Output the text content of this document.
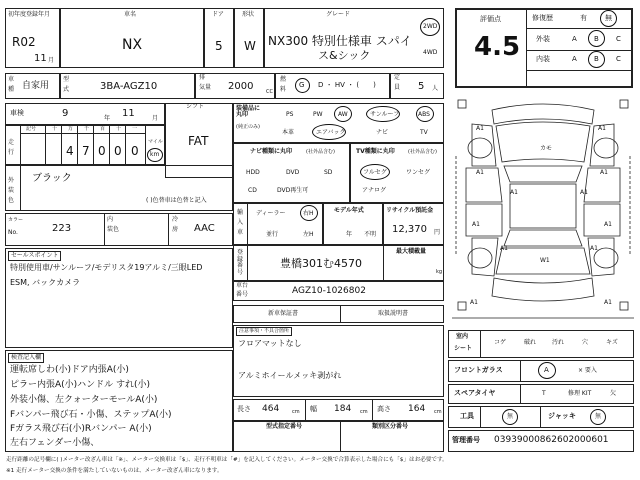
初年度登録年月
R02
11 月
車名
NX
ドア
5
形状
W
グレード
NX300 特別仕様車 スパイ
ス&シック
2WD
4WD
評価点
4.5
修復歴	有	無
外装	A B C
内装	A B C
車
種 自家用
型
式	3BA-AGZ10
排
気量 2000	CC
燃
料
G D ・ HV ・ (　　)
定
員 5 人
車検	9	年 11	月
シフト
FAT
走
行
記号	十 万 千 百 十 一
4 7 0 0 0
マイル
km
外
装
色
ブラック
( )色替車は色替と記入
カラー
No.	223
内
装色
冷
房 AAC
セールスポイント
特別使用車/サンルーフ/モデリスタ19アルミ/三眼LED
ESM, バックカメラ
検査記入欄
運転席しわ(小)ドア内張A(小)
ピラー内張A(小)ハンドル すれ(小)
外装小傷、左クォーターモールA(小)
Fバンパー飛び石・小傷、ステップA(小)
Fガラス飛び石(小)Rバンパー A(小)
左右フェンダー小傷、
装備品に
丸印
(純正のみ)
PS	PW	AW	サンルーフ	ABS
本革	エアバック	ナビ	TV
ナビ種類に丸印	(社外品含む)
HDD	DVD	SD
CD	DVD再生可
TV種類に丸印	(社外品含む)
フルセグ	ワンセグ
アナログ
輸
入
車
ディーラー	右H
並行	左H
モデル年式
年 不明
リサイクル預託金
12,370 円
登録番号
豊橋301む4570
最大積載量
kg
車台
番号	AGZ10-1026802
新車保証書	取扱説明書
注意事項・不具合箇所
フロアマットなし
アルミホイールメッキ剥がれ
長さ 464	cm 幅 184 cm 高さ 164 cm
型式指定番号	類別区分番号
A1	A1
カモ
A1	A1
A1	A1
A1	A1
A1
W1
A1
A1	A1
室内
シート
コゲ	破れ	汚れ	穴	キズ
フロントガラス	A	× 要入
スペアタイヤ	T	修理 KIT	欠
工具	無	ジャッキ	無
管理番号 03939000862602000601
走行距離の記号欄に( )メーター改ざん車は「※」、メーター交換車は「$」、走行不明車は「#」を記入してください。メーター交換で合算表示した場合にも「$」はお必要です。
※1 走行メーター交換の条件を満たしていないものは、メーター改ざん車になります。
